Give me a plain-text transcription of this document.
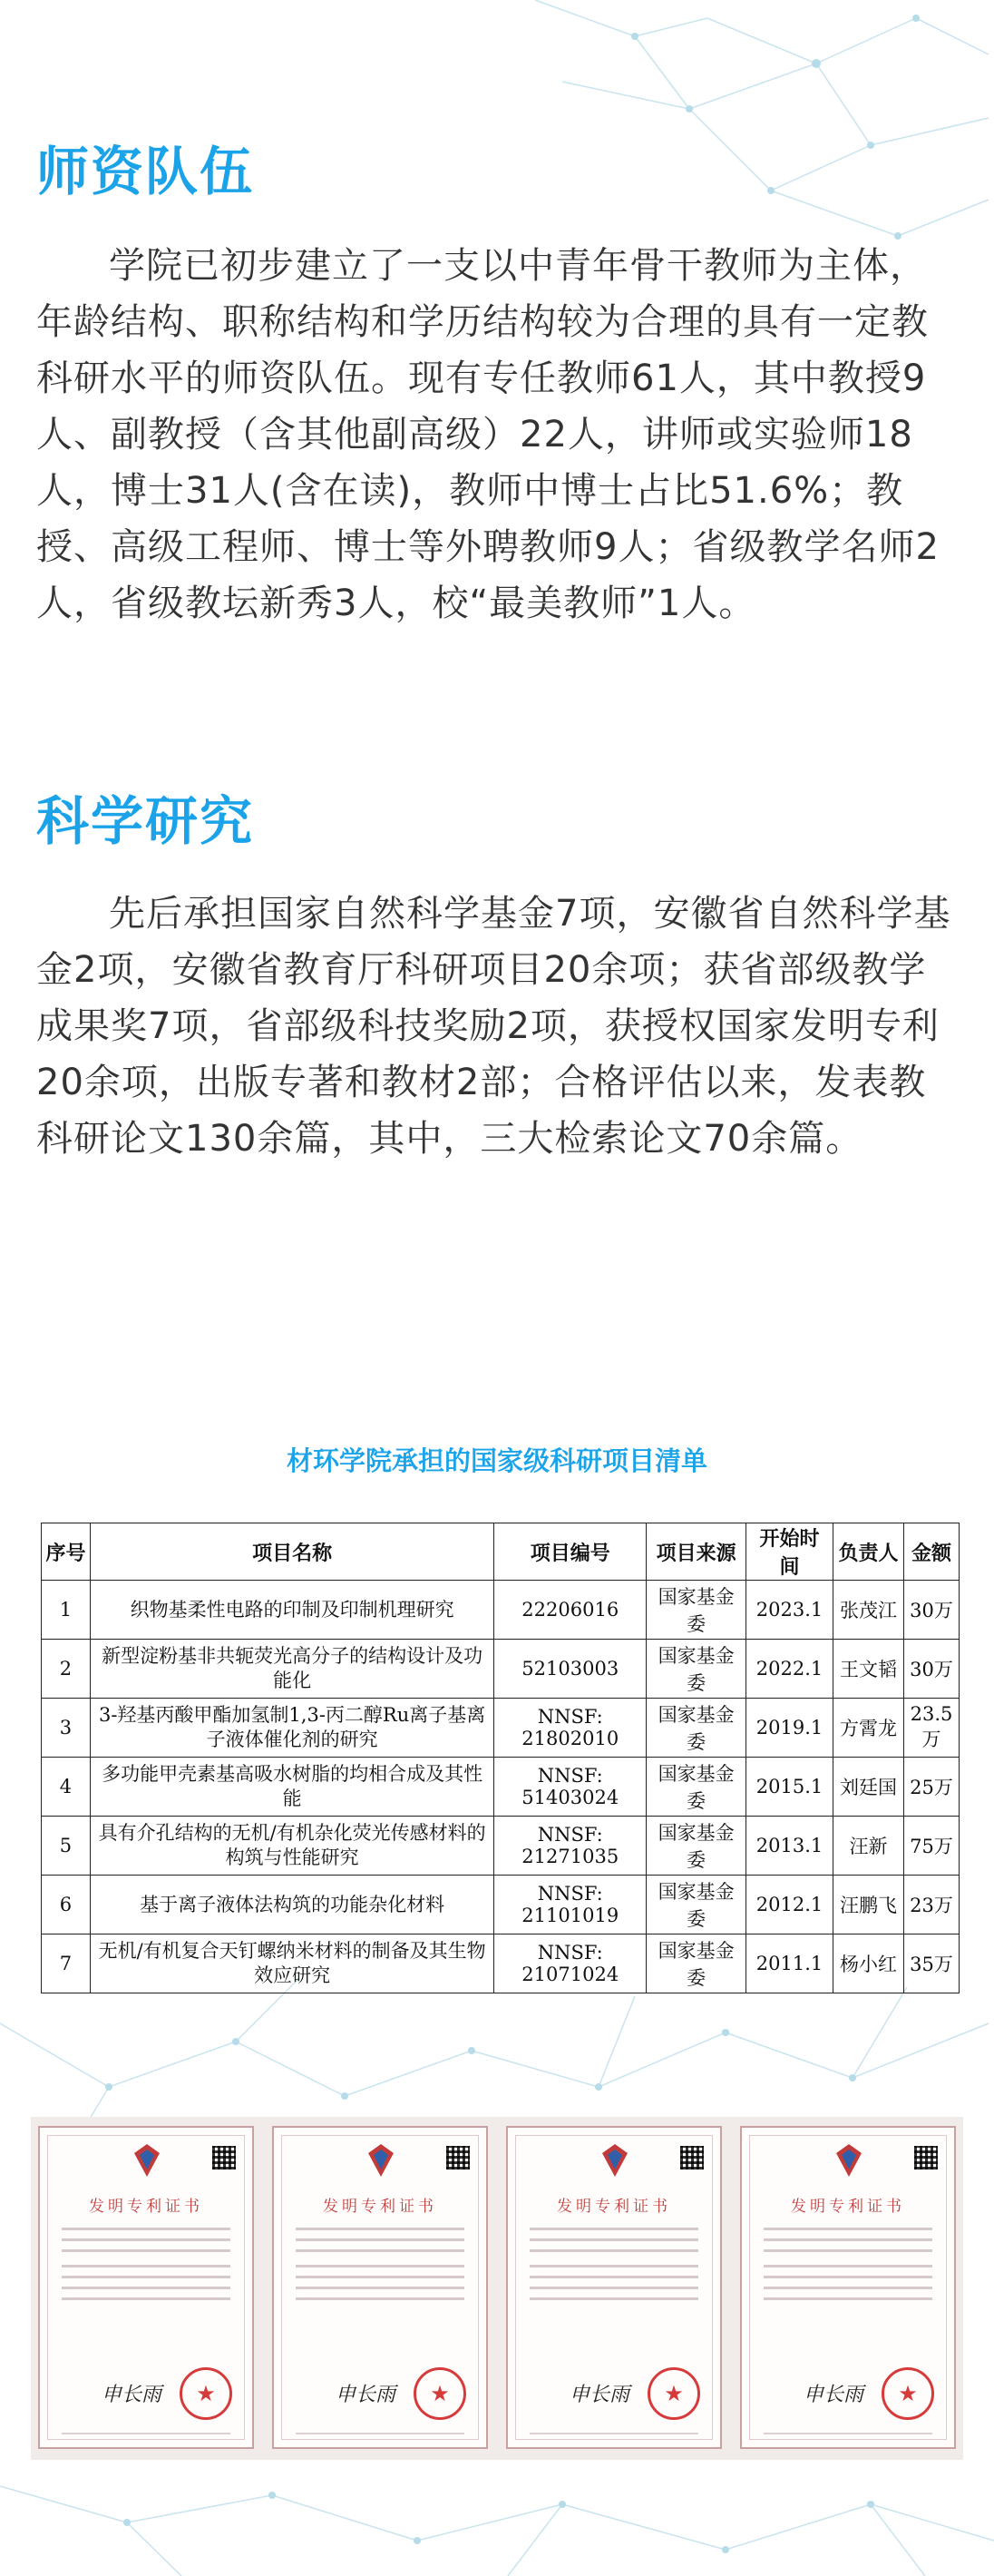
师资队伍

学院已初步建立了一支以中青年骨干教师为主体，年龄结构、职称结构和学历结构较为合理的具有一定教科研水平的师资队伍。现有专任教师61人，其中教授9人、副教授（含其他副高级）22人，讲师或实验师18人，博士31人(含在读)，教师中博士占比51.6%；教授、高级工程师、博士等外聘教师9人；省级教学名师2人，省级教坛新秀3人，校“最美教师”1人。

科学研究

先后承担国家自然科学基金7项，安徽省自然科学基金2项，安徽省教育厅科研项目20余项；获省部级教学成果奖7项，省部级科技奖励2项，获授权国家发明专利20余项，出版专著和教材2部；合格评估以来，发表教科研论文130余篇，其中，三大检索论文70余篇。

材环学院承担的国家级科研项目清单
序号	项目名称	项目编号	项目来源	开始时间	负责人	金额
1	织物基柔性电路的印制及印制机理研究	22206016	国家基金委	2023.1	张茂江	30万
2	新型淀粉基非共轭荧光高分子的结构设计及功能化	52103003	国家基金委	2022.1	王文韬	30万
3	3-羟基丙酸甲酯加氢制1,3-丙二醇Ru离子基离子液体催化剂的研究	NNSF: 21802010	国家基金委	2019.1	方霄龙	23.5万
4	多功能甲壳素基高吸水树脂的均相合成及其性能	NNSF: 51403024	国家基金委	2015.1	刘廷国	25万
5	具有介孔结构的无机/有机杂化荧光传感材料的构筑与性能研究	NNSF: 21271035	国家基金委	2013.1	汪新	75万
6	基于离子液体法构筑的功能杂化材料	NNSF: 21101019	国家基金委	2012.1	汪鹏飞	23万
7	无机/有机复合天钉螺纳米材料的制备及其生物效应研究	NNSF: 21071024	国家基金委	2011.1	杨小红	35万
发明专利证书
申长雨
★
发明专利证书
申长雨
★
发明专利证书
申长雨
★
发明专利证书
申长雨
★
